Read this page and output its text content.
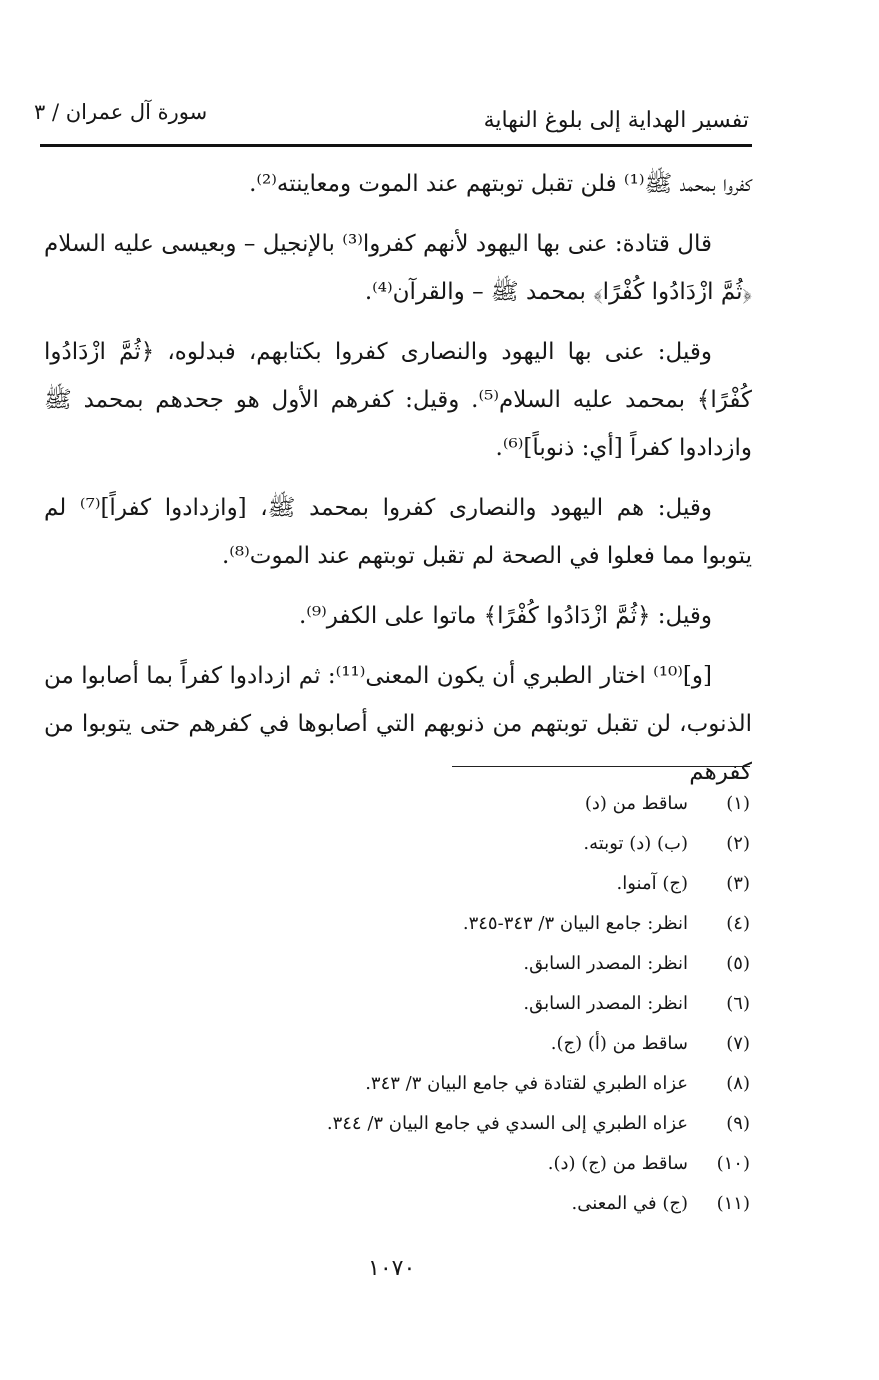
سورة آل عمران / ٣	تفسير الهداية إلى بلوغ النهاية

كفروا بمحمد ﷺ⁽¹⁾ فلن تقبل توبتهم عند الموت ومعاينته⁽²⁾.

قال قتادة: عنى بها اليهود لأنهم كفروا⁽³⁾ بالإنجيل – وبعيسى عليه السلام ﴿ثُمَّ ازْدَادُوا كُفْرًا﴾ بمحمد ﷺ – والقرآن⁽⁴⁾.

وقيل: عنى بها اليهود والنصارى كفروا بكتابهم، فبدلوه، ﴿ثُمَّ ازْدَادُوا كُفْرًا﴾ بمحمد عليه السلام⁽⁵⁾. وقيل: كفرهم الأول هو جحدهم بمحمد ﷺ وازدادوا كفراً [أي: ذنوباً]⁽⁶⁾.

وقيل: هم اليهود والنصارى كفروا بمحمد ﷺ، [وازدادوا كفراً]⁽⁷⁾ لم يتوبوا مما فعلوا في الصحة لم تقبل توبتهم عند الموت⁽⁸⁾.

وقيل: ﴿ثُمَّ ازْدَادُوا كُفْرًا﴾ ماتوا على الكفر⁽⁹⁾.

[و]⁽¹⁰⁾ اختار الطبري أن يكون المعنى⁽¹¹⁾: ثم ازدادوا كفراً بما أصابوا من الذنوب، لن تقبل توبتهم من ذنوبهم التي أصابوها في كفرهم حتى يتوبوا من كفرهم

(١)ساقط من (د)
(٢)(ب) (د) توبته.
(٣)(ج) آمنوا.
(٤)انظر: جامع البيان ٣/ ٣٤٣-٣٤٥.
(٥)انظر: المصدر السابق.
(٦)انظر: المصدر السابق.
(٧)ساقط من (أ) (ج).
(٨)عزاه الطبري لقتادة في جامع البيان ٣/ ٣٤٣.
(٩)عزاه الطبري إلى السدي في جامع البيان ٣/ ٣٤٤.
(١٠)ساقط من (ج) (د).
(١١)(ج) في المعنى.
١٠٧٠
